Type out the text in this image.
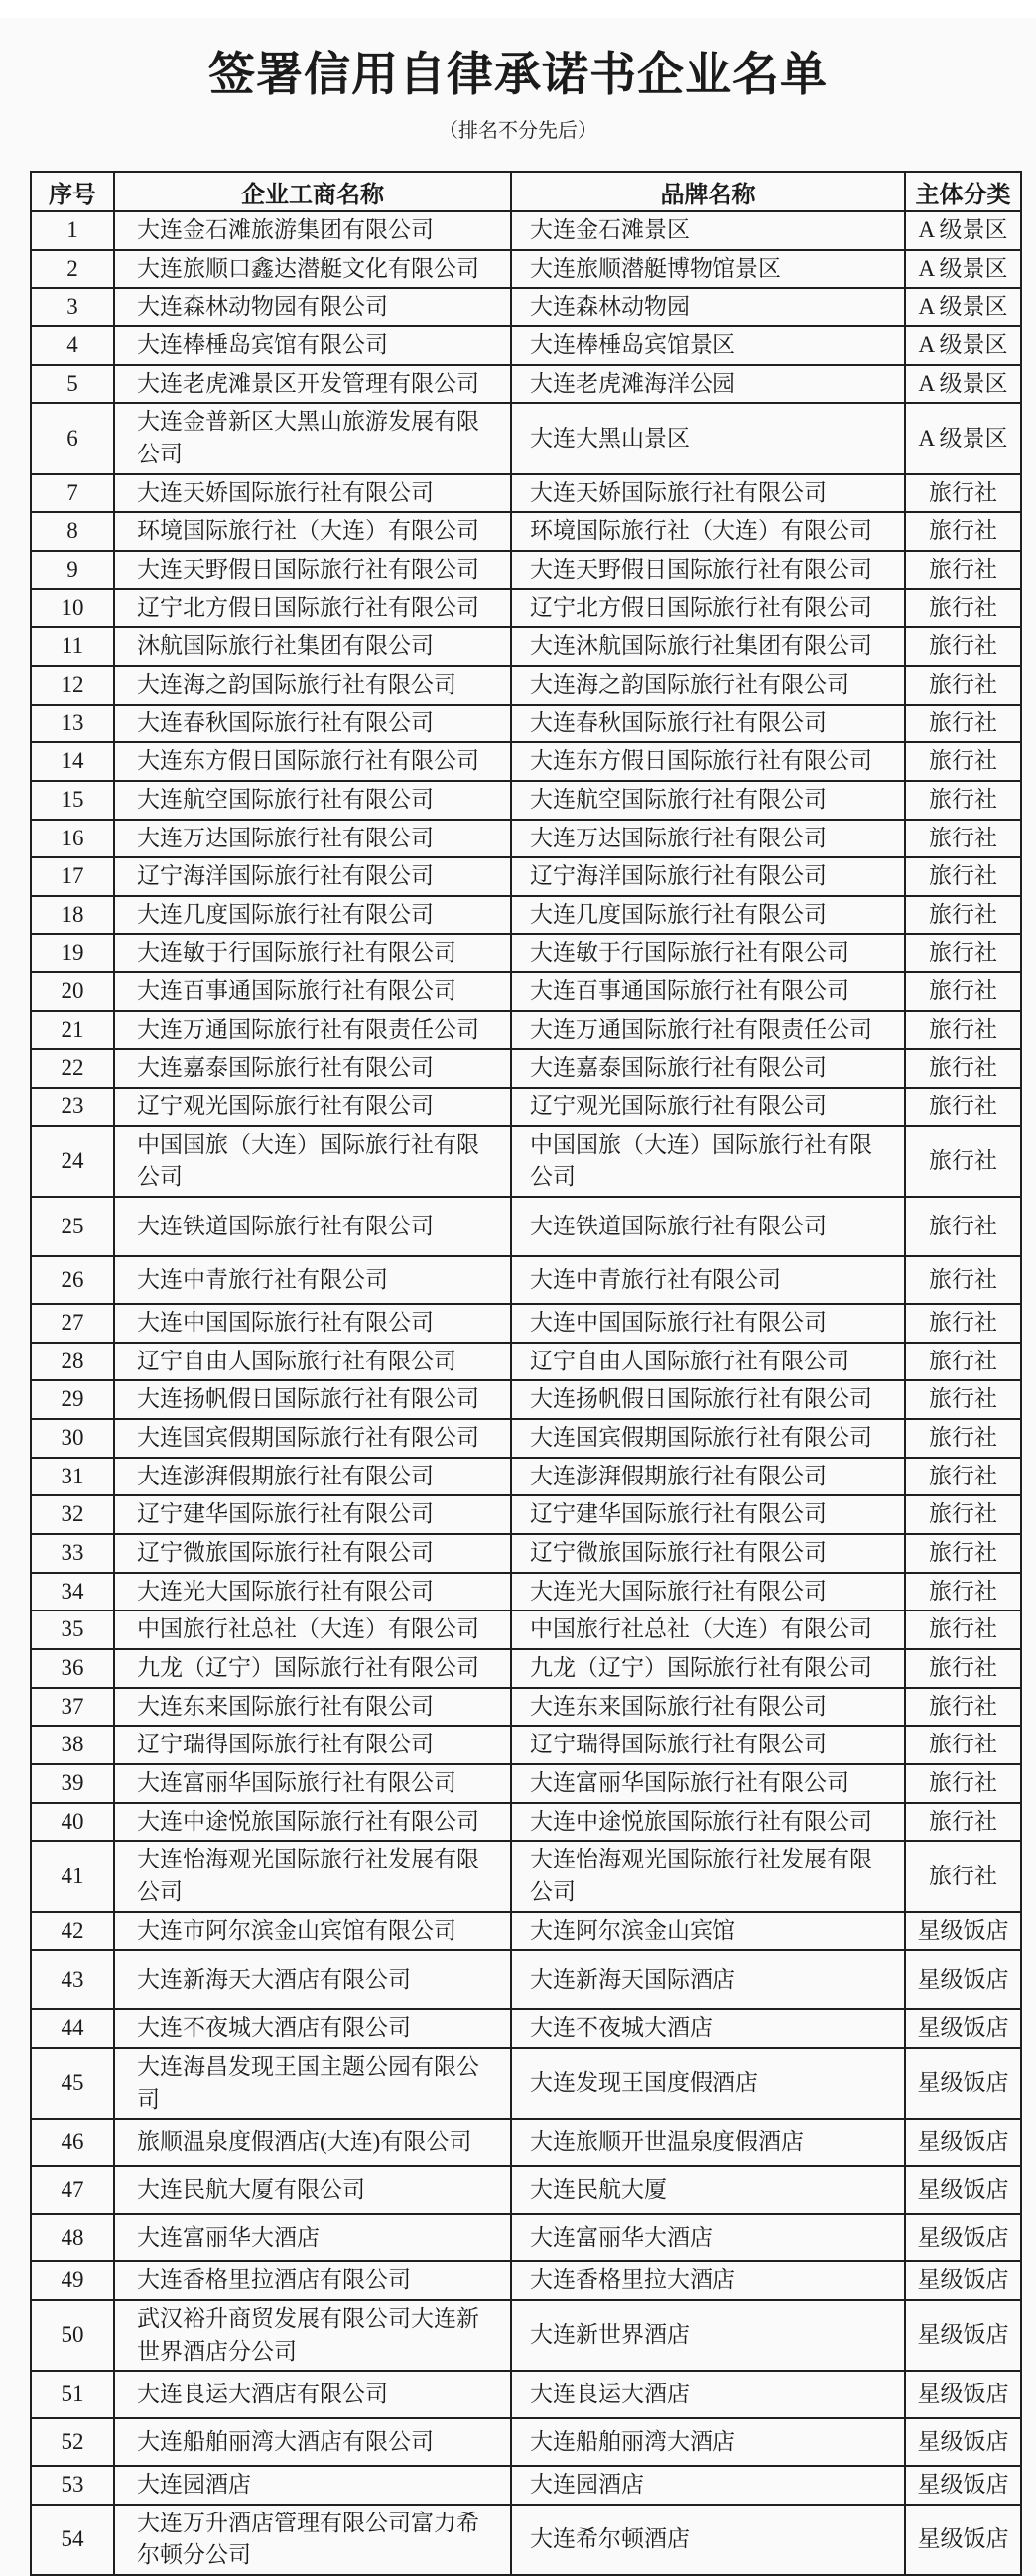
签署信用自律承诺书企业名单
（排名不分先后）
序号	企业工商名称	品牌名称	主体分类
1	大连金石滩旅游集团有限公司	大连金石滩景区	A 级景区
2	大连旅顺口鑫达潜艇文化有限公司	大连旅顺潜艇博物馆景区	A 级景区
3	大连森林动物园有限公司	大连森林动物园	A 级景区
4	大连棒棰岛宾馆有限公司	大连棒棰岛宾馆景区	A 级景区
5	大连老虎滩景区开发管理有限公司	大连老虎滩海洋公园	A 级景区
6	大连金普新区大黑山旅游发展有限公司	大连大黑山景区	A 级景区
7	大连天娇国际旅行社有限公司	大连天娇国际旅行社有限公司	旅行社
8	环境国际旅行社（大连）有限公司	环境国际旅行社（大连）有限公司	旅行社
9	大连天野假日国际旅行社有限公司	大连天野假日国际旅行社有限公司	旅行社
10	辽宁北方假日国际旅行社有限公司	辽宁北方假日国际旅行社有限公司	旅行社
11	沐航国际旅行社集团有限公司	大连沐航国际旅行社集团有限公司	旅行社
12	大连海之韵国际旅行社有限公司	大连海之韵国际旅行社有限公司	旅行社
13	大连春秋国际旅行社有限公司	大连春秋国际旅行社有限公司	旅行社
14	大连东方假日国际旅行社有限公司	大连东方假日国际旅行社有限公司	旅行社
15	大连航空国际旅行社有限公司	大连航空国际旅行社有限公司	旅行社
16	大连万达国际旅行社有限公司	大连万达国际旅行社有限公司	旅行社
17	辽宁海洋国际旅行社有限公司	辽宁海洋国际旅行社有限公司	旅行社
18	大连几度国际旅行社有限公司	大连几度国际旅行社有限公司	旅行社
19	大连敏于行国际旅行社有限公司	大连敏于行国际旅行社有限公司	旅行社
20	大连百事通国际旅行社有限公司	大连百事通国际旅行社有限公司	旅行社
21	大连万通国际旅行社有限责任公司	大连万通国际旅行社有限责任公司	旅行社
22	大连嘉泰国际旅行社有限公司	大连嘉泰国际旅行社有限公司	旅行社
23	辽宁观光国际旅行社有限公司	辽宁观光国际旅行社有限公司	旅行社
24	中国国旅（大连）国际旅行社有限公司	中国国旅（大连）国际旅行社有限公司	旅行社
25	大连铁道国际旅行社有限公司	大连铁道国际旅行社有限公司	旅行社
26	大连中青旅行社有限公司	大连中青旅行社有限公司	旅行社
27	大连中国国际旅行社有限公司	大连中国国际旅行社有限公司	旅行社
28	辽宁自由人国际旅行社有限公司	辽宁自由人国际旅行社有限公司	旅行社
29	大连扬帆假日国际旅行社有限公司	大连扬帆假日国际旅行社有限公司	旅行社
30	大连国宾假期国际旅行社有限公司	大连国宾假期国际旅行社有限公司	旅行社
31	大连澎湃假期旅行社有限公司	大连澎湃假期旅行社有限公司	旅行社
32	辽宁建华国际旅行社有限公司	辽宁建华国际旅行社有限公司	旅行社
33	辽宁微旅国际旅行社有限公司	辽宁微旅国际旅行社有限公司	旅行社
34	大连光大国际旅行社有限公司	大连光大国际旅行社有限公司	旅行社
35	中国旅行社总社（大连）有限公司	中国旅行社总社（大连）有限公司	旅行社
36	九龙（辽宁）国际旅行社有限公司	九龙（辽宁）国际旅行社有限公司	旅行社
37	大连东来国际旅行社有限公司	大连东来国际旅行社有限公司	旅行社
38	辽宁瑞得国际旅行社有限公司	辽宁瑞得国际旅行社有限公司	旅行社
39	大连富丽华国际旅行社有限公司	大连富丽华国际旅行社有限公司	旅行社
40	大连中途悦旅国际旅行社有限公司	大连中途悦旅国际旅行社有限公司	旅行社
41	大连怡海观光国际旅行社发展有限公司	大连怡海观光国际旅行社发展有限公司	旅行社
42	大连市阿尔滨金山宾馆有限公司	大连阿尔滨金山宾馆	星级饭店
43	大连新海天大酒店有限公司	大连新海天国际酒店	星级饭店
44	大连不夜城大酒店有限公司	大连不夜城大酒店	星级饭店
45	大连海昌发现王国主题公园有限公司	大连发现王国度假酒店	星级饭店
46	旅顺温泉度假酒店(大连)有限公司	大连旅顺开世温泉度假酒店	星级饭店
47	大连民航大厦有限公司	大连民航大厦	星级饭店
48	大连富丽华大酒店	大连富丽华大酒店	星级饭店
49	大连香格里拉酒店有限公司	大连香格里拉大酒店	星级饭店
50	武汉裕升商贸发展有限公司大连新世界酒店分公司	大连新世界酒店	星级饭店
51	大连良运大酒店有限公司	大连良运大酒店	星级饭店
52	大连船舶丽湾大酒店有限公司	大连船舶丽湾大酒店	星级饭店
53	大连园酒店	大连园酒店	星级饭店
54	大连万升酒店管理有限公司富力希尔顿分公司	大连希尔顿酒店	星级饭店
